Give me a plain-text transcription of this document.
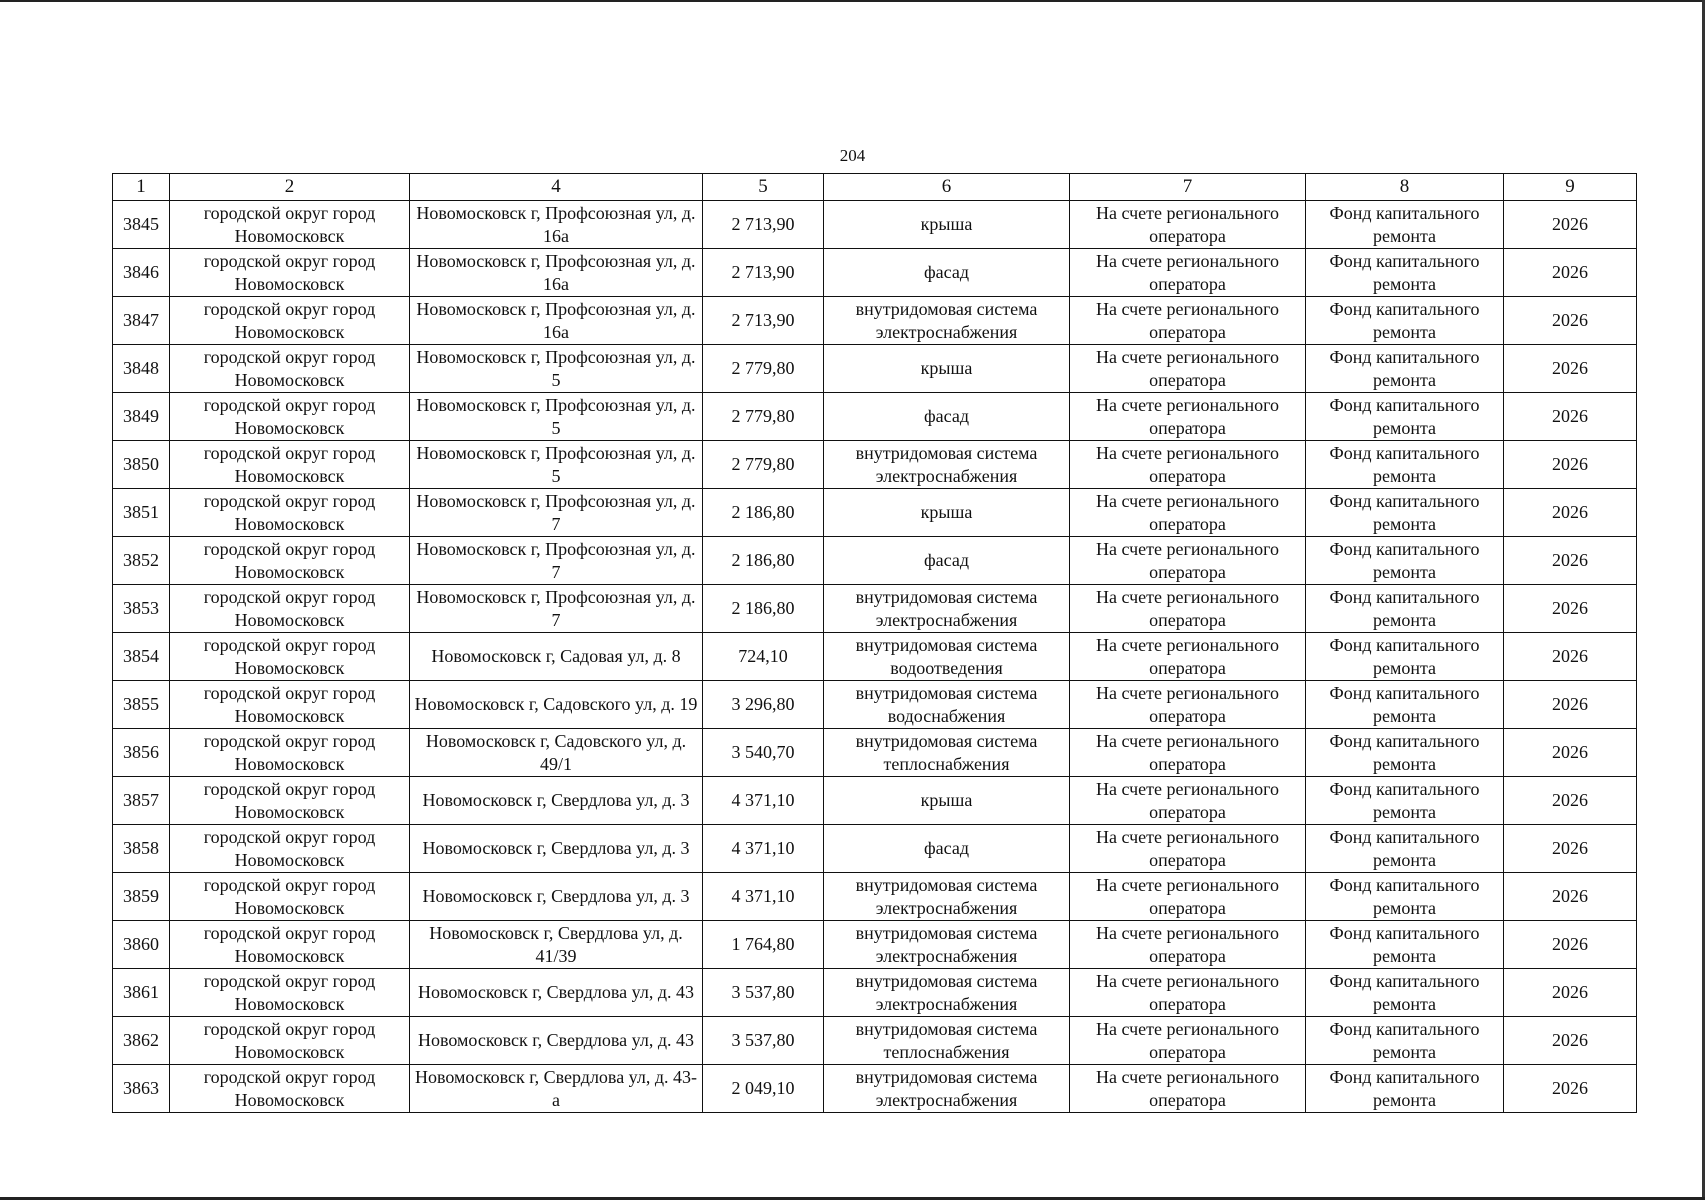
204
1	2	4	5	6	7	8	9
3845	городской округ город Новомосковск	Новомосковск г, Профсоюзная ул, д. 16а	2 713,90	крыша	На счете регионального оператора	Фонд капитального ремонта	2026
3846	городской округ город Новомосковск	Новомосковск г, Профсоюзная ул, д. 16а	2 713,90	фасад	На счете регионального оператора	Фонд капитального ремонта	2026
3847	городской округ город Новомосковск	Новомосковск г, Профсоюзная ул, д. 16а	2 713,90	внутридомовая система электроснабжения	На счете регионального оператора	Фонд капитального ремонта	2026
3848	городской округ город Новомосковск	Новомосковск г, Профсоюзная ул, д. 5	2 779,80	крыша	На счете регионального оператора	Фонд капитального ремонта	2026
3849	городской округ город Новомосковск	Новомосковск г, Профсоюзная ул, д. 5	2 779,80	фасад	На счете регионального оператора	Фонд капитального ремонта	2026
3850	городской округ город Новомосковск	Новомосковск г, Профсоюзная ул, д. 5	2 779,80	внутридомовая система электроснабжения	На счете регионального оператора	Фонд капитального ремонта	2026
3851	городской округ город Новомосковск	Новомосковск г, Профсоюзная ул, д. 7	2 186,80	крыша	На счете регионального оператора	Фонд капитального ремонта	2026
3852	городской округ город Новомосковск	Новомосковск г, Профсоюзная ул, д. 7	2 186,80	фасад	На счете регионального оператора	Фонд капитального ремонта	2026
3853	городской округ город Новомосковск	Новомосковск г, Профсоюзная ул, д. 7	2 186,80	внутридомовая система электроснабжения	На счете регионального оператора	Фонд капитального ремонта	2026
3854	городской округ город Новомосковск	Новомосковск г, Садовая ул, д. 8	724,10	внутридомовая система водоотведения	На счете регионального оператора	Фонд капитального ремонта	2026
3855	городской округ город Новомосковск	Новомосковск г, Садовского ул, д. 19	3 296,80	внутридомовая система водоснабжения	На счете регионального оператора	Фонд капитального ремонта	2026
3856	городской округ город Новомосковск	Новомосковск г, Садовского ул, д. 49/1	3 540,70	внутридомовая система теплоснабжения	На счете регионального оператора	Фонд капитального ремонта	2026
3857	городской округ город Новомосковск	Новомосковск г, Свердлова ул, д. 3	4 371,10	крыша	На счете регионального оператора	Фонд капитального ремонта	2026
3858	городской округ город Новомосковск	Новомосковск г, Свердлова ул, д. 3	4 371,10	фасад	На счете регионального оператора	Фонд капитального ремонта	2026
3859	городской округ город Новомосковск	Новомосковск г, Свердлова ул, д. 3	4 371,10	внутридомовая система электроснабжения	На счете регионального оператора	Фонд капитального ремонта	2026
3860	городской округ город Новомосковск	Новомосковск г, Свердлова ул, д. 41/39	1 764,80	внутридомовая система электроснабжения	На счете регионального оператора	Фонд капитального ремонта	2026
3861	городской округ город Новомосковск	Новомосковск г, Свердлова ул, д. 43	3 537,80	внутридомовая система электроснабжения	На счете регионального оператора	Фонд капитального ремонта	2026
3862	городской округ город Новомосковск	Новомосковск г, Свердлова ул, д. 43	3 537,80	внутридомовая система теплоснабжения	На счете регионального оператора	Фонд капитального ремонта	2026
3863	городской округ город Новомосковск	Новомосковск г, Свердлова ул, д. 43-а	2 049,10	внутридомовая система электроснабжения	На счете регионального оператора	Фонд капитального ремонта	2026
